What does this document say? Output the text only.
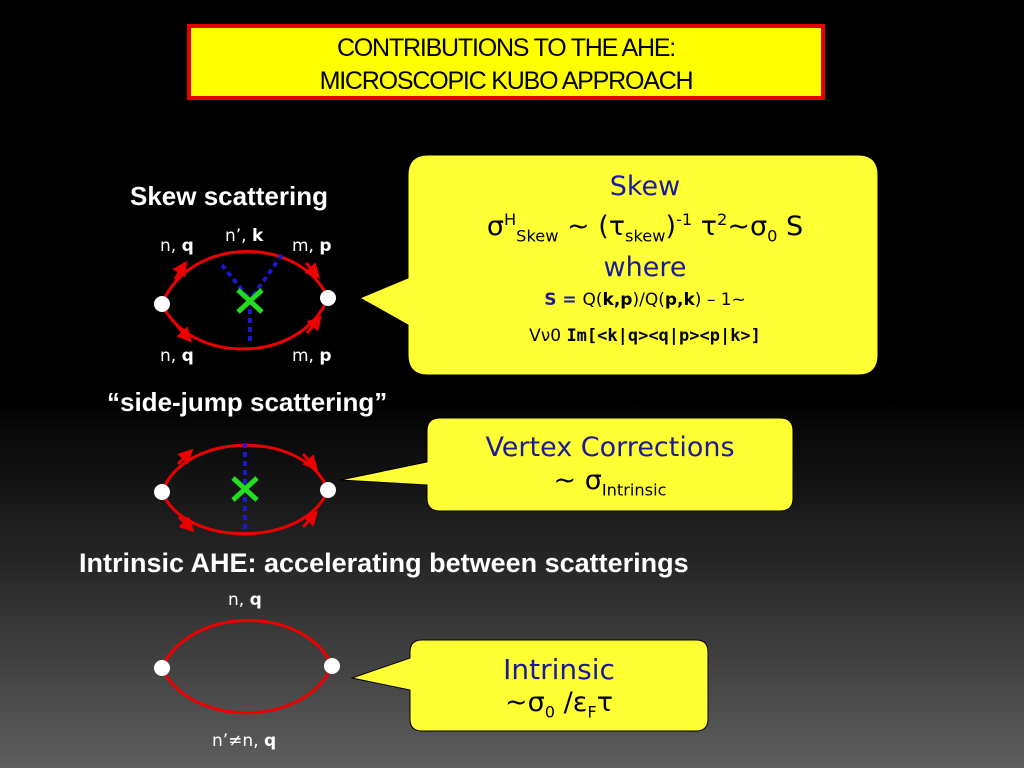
CONTRIBUTIONS TO THE AHE:
MICROSCOPIC KUBO APPROACH
Skew scattering
“side-jump scattering”
Intrinsic AHE: accelerating between scatterings
n, q n’, k m, p
n, q	m, p
n, q
n’≠n, q
Skew
$\sigma^H_{Skew}$ ~ $(\tau_{skew})^{-1}$ $\tau^2\sim\sigma_0$ S
where
S = Q(k,p)/Q(p,k) – 1~
Vν0 Im[<k|q><q|p><p|k>]
Vertex Corrections
~ $\sigma_{Intrinsic}$
Intrinsic
$\sim\sigma_0$ $/\varepsilon_F\tau$
